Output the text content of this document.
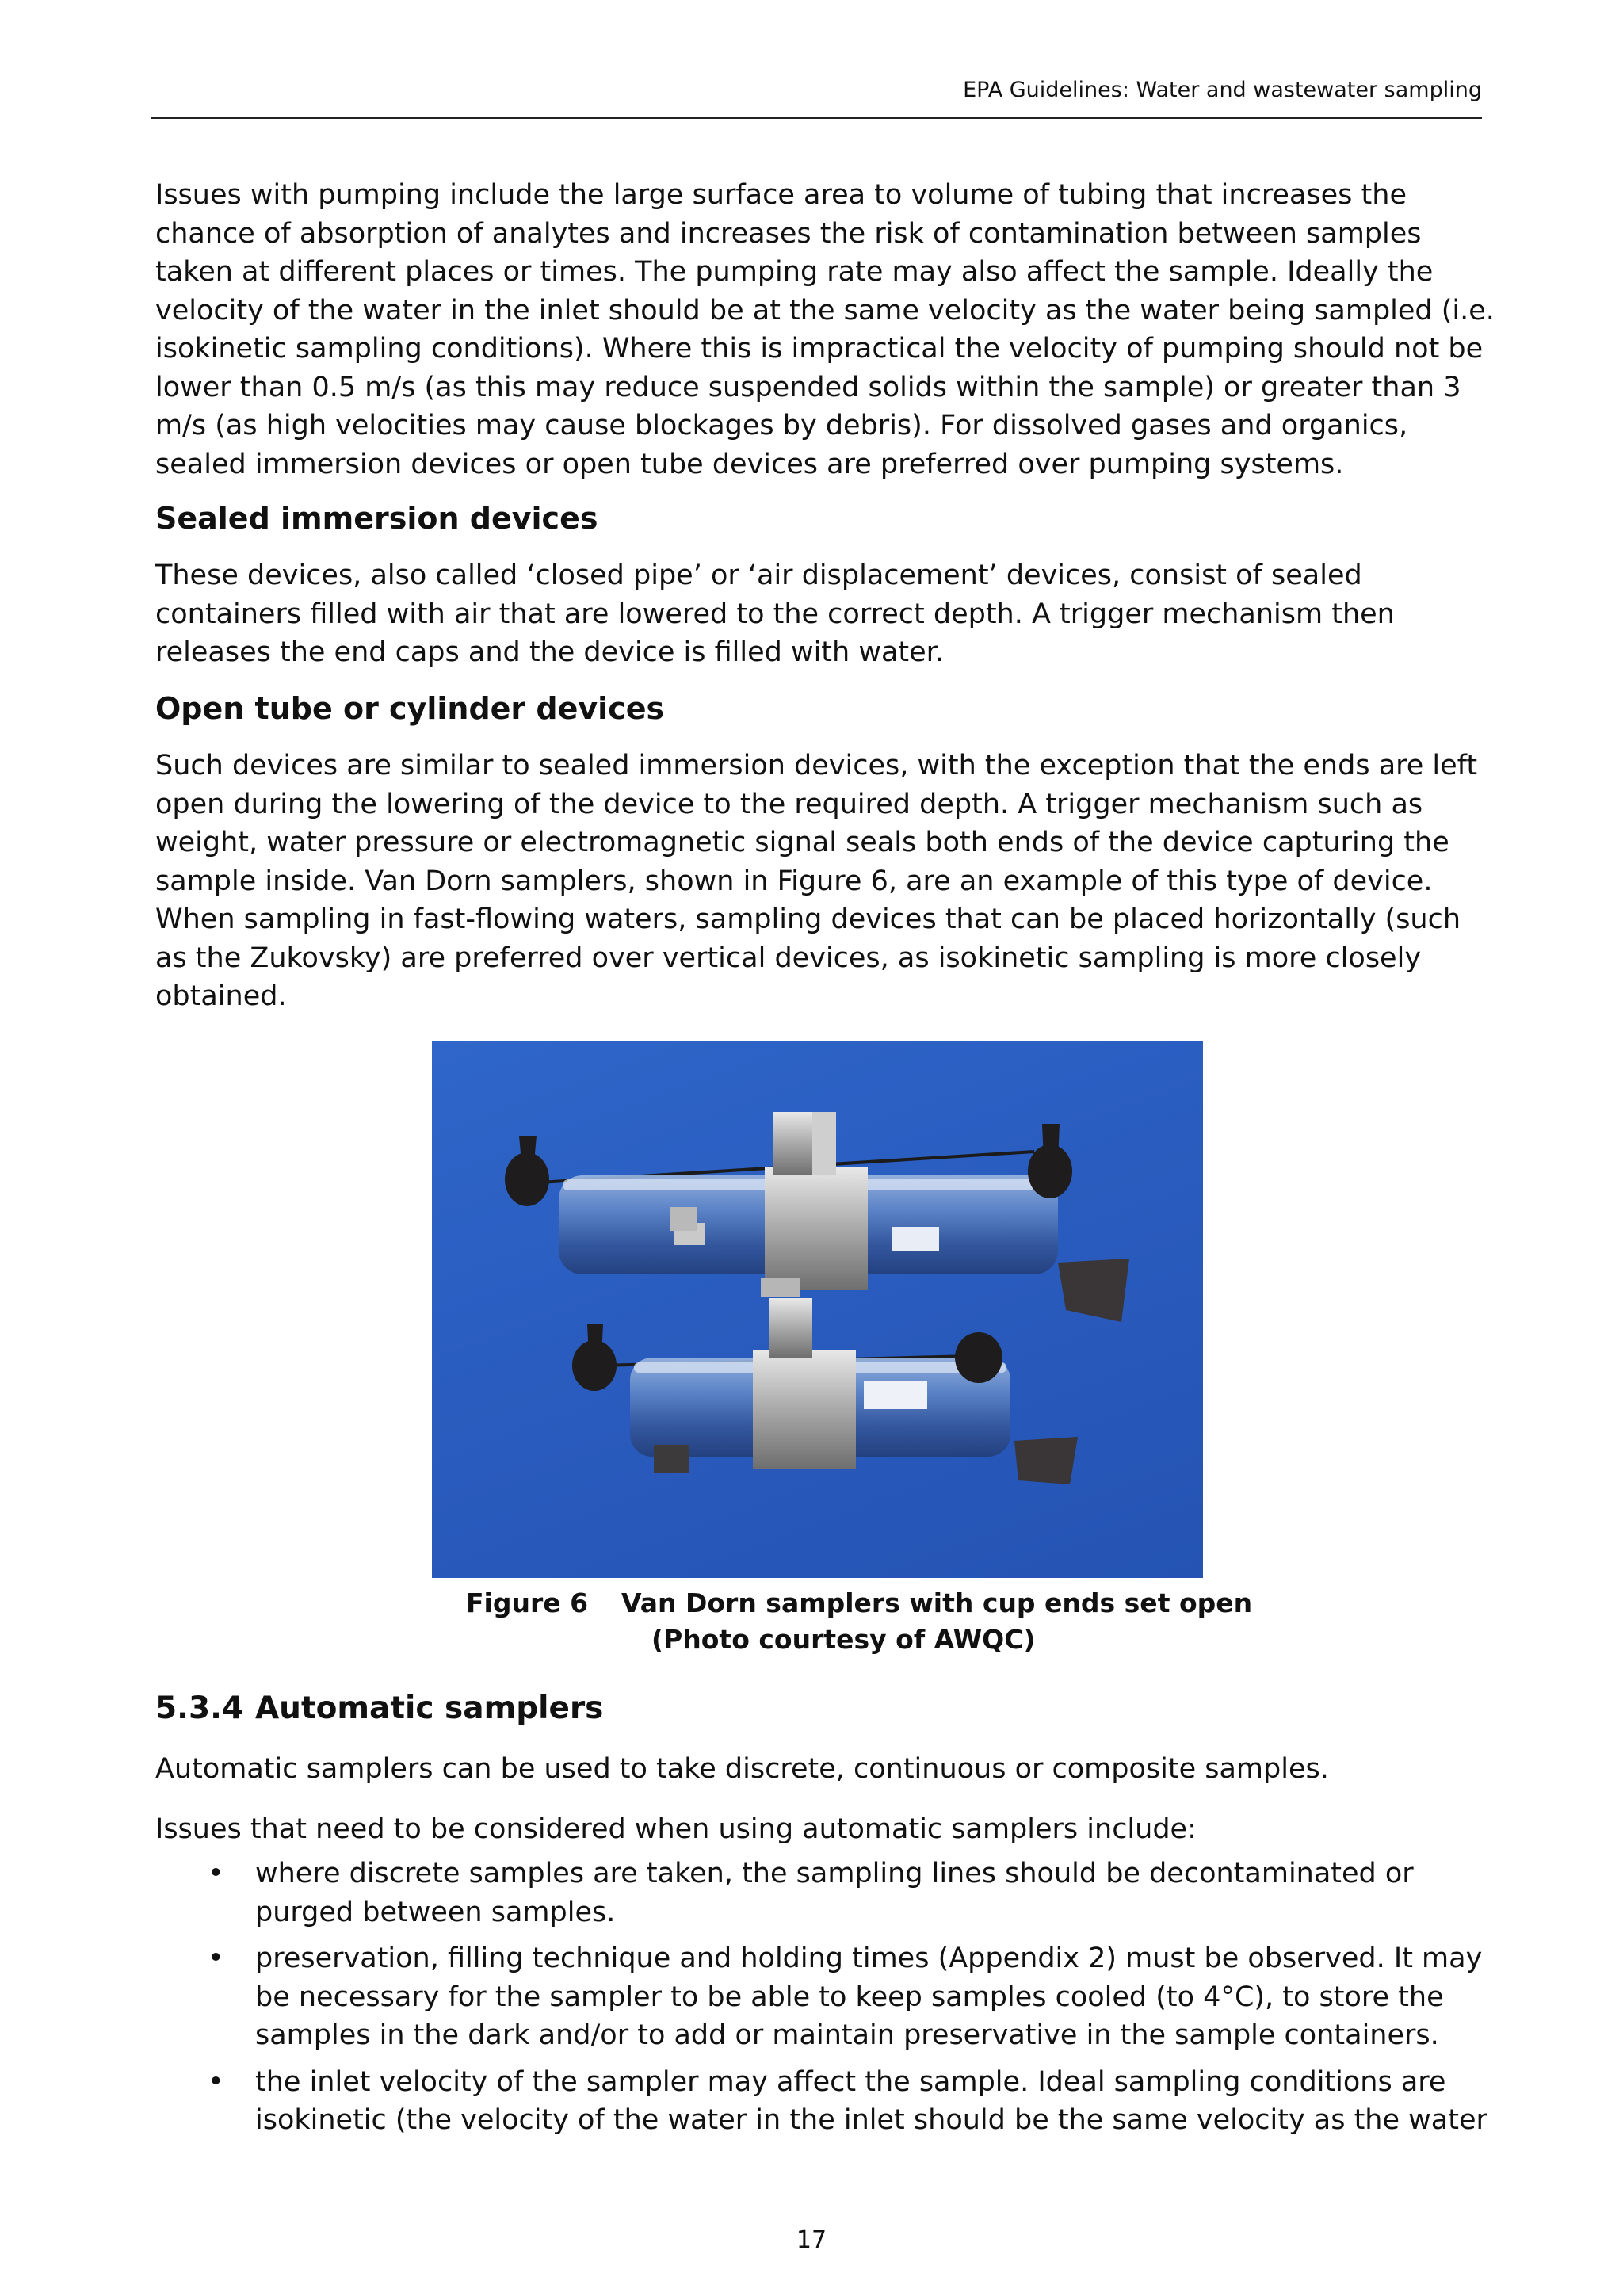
EPA Guidelines: Water and wastewater sampling

Issues with pumping include the large surface area to volume of tubing that increases the chance of absorption of analytes and increases the risk of contamination between samples taken at different places or times. The pumping rate may also affect the sample. Ideally the velocity of the water in the inlet should be at the same velocity as the water being sampled (i.e. isokinetic sampling conditions). Where this is impractical the velocity of pumping should not be lower than 0.5 m/s (as this may reduce suspended solids within the sample) or greater than 3 m/s (as high velocities may cause blockages by debris). For dissolved gases and organics, sealed immersion devices or open tube devices are preferred over pumping systems.

Sealed immersion devices

These devices, also called ‘closed pipe’ or ‘air displacement’ devices, consist of sealed containers filled with air that are lowered to the correct depth. A trigger mechanism then releases the end caps and the device is filled with water.

Open tube or cylinder devices

Such devices are similar to sealed immersion devices, with the exception that the ends are left open during the lowering of the device to the required depth. A trigger mechanism such as weight, water pressure or electromagnetic signal seals both ends of the device capturing the sample inside. Van Dorn samplers, shown in Figure 6, are an example of this type of device. When sampling in fast-flowing waters, sampling devices that can be placed horizontally (such as the Zukovsky) are preferred over vertical devices, as isokinetic sampling is more closely obtained.

Figure 6 Van Dorn samplers with cup ends set open
(Photo courtesy of AWQC)
5.3.4 Automatic samplers

Automatic samplers can be used to take discrete, continuous or composite samples.

Issues that need to be considered when using automatic samplers include:

• where discrete samples are taken, the sampling lines should be decontaminated or purged between samples.
• preservation, filling technique and holding times (Appendix 2) must be observed. It may be necessary for the sampler to be able to keep samples cooled (to 4°C), to store the samples in the dark and/or to add or maintain preservative in the sample containers.
• the inlet velocity of the sampler may affect the sample. Ideal sampling conditions are isokinetic (the velocity of the water in the inlet should be the same velocity as the water
17
